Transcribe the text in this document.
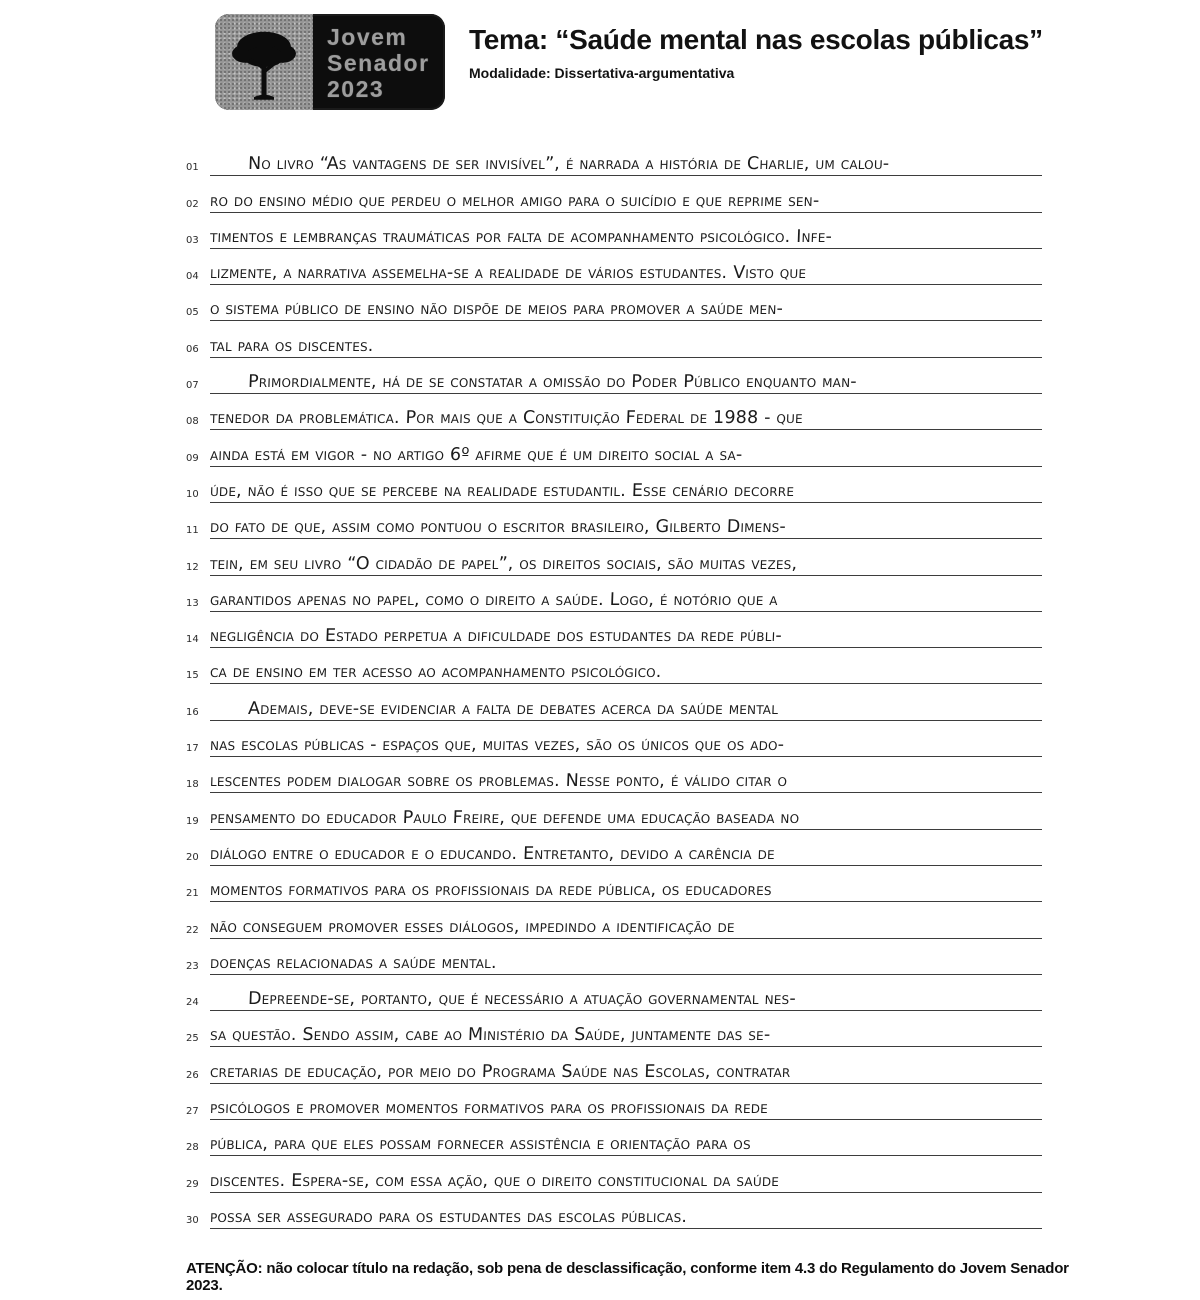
Jovem
Senador
2023
Tema: “Saúde mental nas escolas públicas”
Modalidade: Dissertativa-argumentativa
01	No livro “As vantagens de ser invisível”, é narrada a história de Charlie, um calou-
02 ro do ensino médio que perdeu o melhor amigo para o suicídio e que reprime sen-
03 timentos e lembranças traumáticas por falta de acompanhamento psicológico. Infe-
04 lizmente, a narrativa assemelha-se a realidade de vários estudantes. Visto que
05 o sistema público de ensino não dispõe de meios para promover a saúde men-
06 tal para os discentes.
07	Primordialmente, há de se constatar a omissão do Poder Público enquanto man-
08 tenedor da problemática. Por mais que a Constituição Federal de 1988 - que
09 ainda está em vigor - no artigo 6º afirme que é um direito social a sa-
10 úde, não é isso que se percebe na realidade estudantil. Esse cenário decorre
11 do fato de que, assim como pontuou o escritor brasileiro, Gilberto Dimens-
12 tein, em seu livro “O cidadão de papel”, os direitos sociais, são muitas vezes,
13 garantidos apenas no papel, como o direito a saúde. Logo, é notório que a
14 negligência do Estado perpetua a dificuldade dos estudantes da rede públi-
15 ca de ensino em ter acesso ao acompanhamento psicológico.
16	Ademais, deve-se evidenciar a falta de debates acerca da saúde mental
17 nas escolas públicas - espaços que, muitas vezes, são os únicos que os ado-
18 lescentes podem dialogar sobre os problemas. Nesse ponto, é válido citar o
19 pensamento do educador Paulo Freire, que defende uma educação baseada no
20 diálogo entre o educador e o educando. Entretanto, devido a carência de
21 momentos formativos para os profissionais da rede pública, os educadores
22 não conseguem promover esses diálogos, impedindo a identificação de
23 doenças relacionadas a saúde mental.
24	Depreende-se, portanto, que é necessário a atuação governamental nes-
25 sa questão. Sendo assim, cabe ao Ministério da Saúde, juntamente das se-
26 cretarias de educação, por meio do Programa Saúde nas Escolas, contratar
27 psicólogos e promover momentos formativos para os profissionais da rede
28 pública, para que eles possam fornecer assistência e orientação para os
29 discentes. Espera-se, com essa ação, que o direito constitucional da saúde
30 possa ser assegurado para os estudantes das escolas públicas.
ATENÇÃO: não colocar título na redação, sob pena de desclassificação, conforme item 4.3 do Regulamento do Jovem Senador 2023.
